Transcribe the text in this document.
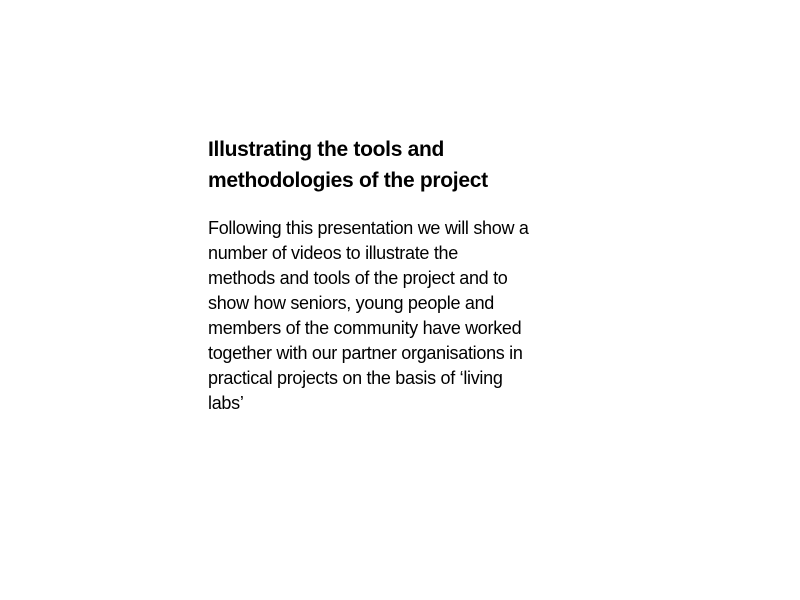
Illustrating the tools and
methodologies of the project
Following this presentation we will show a
number of videos to illustrate the
methods and tools of the project and to
show how seniors, young people and
members of the community have worked
together with our partner organisations in
practical projects on the basis of ‘living
labs’
